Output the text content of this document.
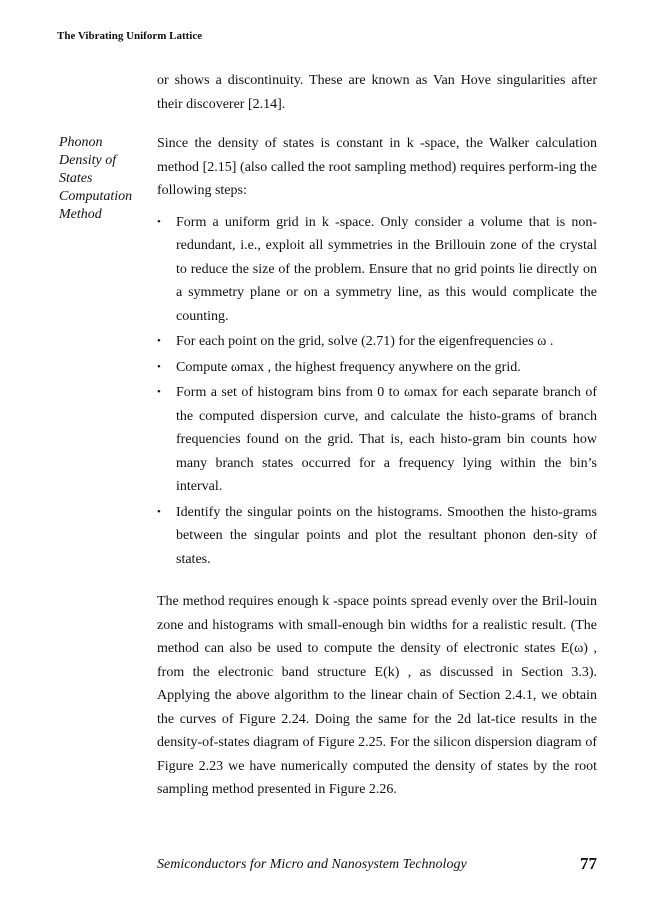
The Vibrating Uniform Lattice
Phonon
Density of
States
Computation
Method

or shows a discontinuity. These are known as Van Hove singularities after their discoverer [2.14].

Since the density of states is constant in k -space, the Walker calculation method [2.15] (also called the root sampling method) requires perform-ing the following steps:

• Form a uniform grid in k -space. Only consider a volume that is non-redundant, i.e., exploit all symmetries in the Brillouin zone of the crystal to reduce the size of the problem. Ensure that no grid points lie directly on a symmetry plane or on a symmetry line, as this would complicate the counting.
• For each point on the grid, solve (2.71) for the eigenfrequencies ω .
• Compute ωmax , the highest frequency anywhere on the grid.
• Form a set of histogram bins from 0 to ωmax for each separate branch of the computed dispersion curve, and calculate the histo-grams of branch frequencies found on the grid. That is, each histo-gram bin counts how many branch states occurred for a frequency lying within the bin’s interval.
• Identify the singular points on the histograms. Smoothen the histo-grams between the singular points and plot the resultant phonon den-sity of states.

The method requires enough k -space points spread evenly over the Bril-louin zone and histograms with small-enough bin widths for a realistic result. (The method can also be used to compute the density of electronic states E(ω) , from the electronic band structure E(k) , as discussed in Section 3.3). Applying the above algorithm to the linear chain of Section 2.4.1, we obtain the curves of Figure 2.24. Doing the same for the 2d lat-tice results in the density-of-states diagram of Figure 2.25. For the silicon dispersion diagram of Figure 2.23 we have numerically computed the density of states by the root sampling method presented in Figure 2.26.

Semiconductors for Micro and Nanosystem Technology	77
